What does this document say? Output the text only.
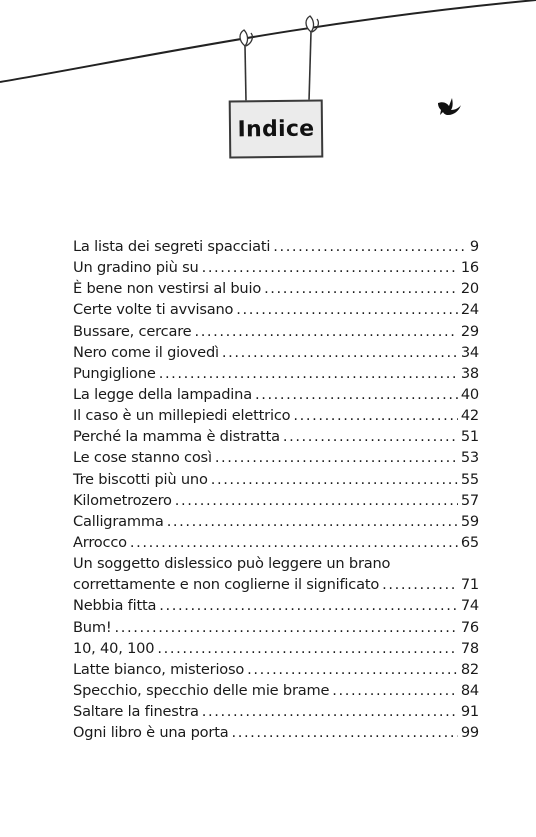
Indice
La lista dei segreti spacciati .....	9
Un gradino più su .....	16
È bene non vestirsi al buio .....	20
Certe volte ti avvisano .....	24
Bussare, cercare .....	29
Nero come il giovedì .....	34
Pungiglione .....	38
La legge della lampadina .....	40
Il caso è un millepiedi elettrico .....	42
Perché la mamma è distratta .....	51
Le cose stanno così .....	53
Tre biscotti più uno .....	55
Kilometrozero .....	57
Calligramma .....	59
Arrocco .....	65
Un soggetto dislessico può leggere un brano
correttamente e non coglierne il significato .....	71
Nebbia fitta .....	74
Bum! .....	76
10, 40, 100 .....	78
Latte bianco, misterioso .....	82
Specchio, specchio delle mie brame .....	84
Saltare la finestra .....	91
Ogni libro è una porta .....	99
